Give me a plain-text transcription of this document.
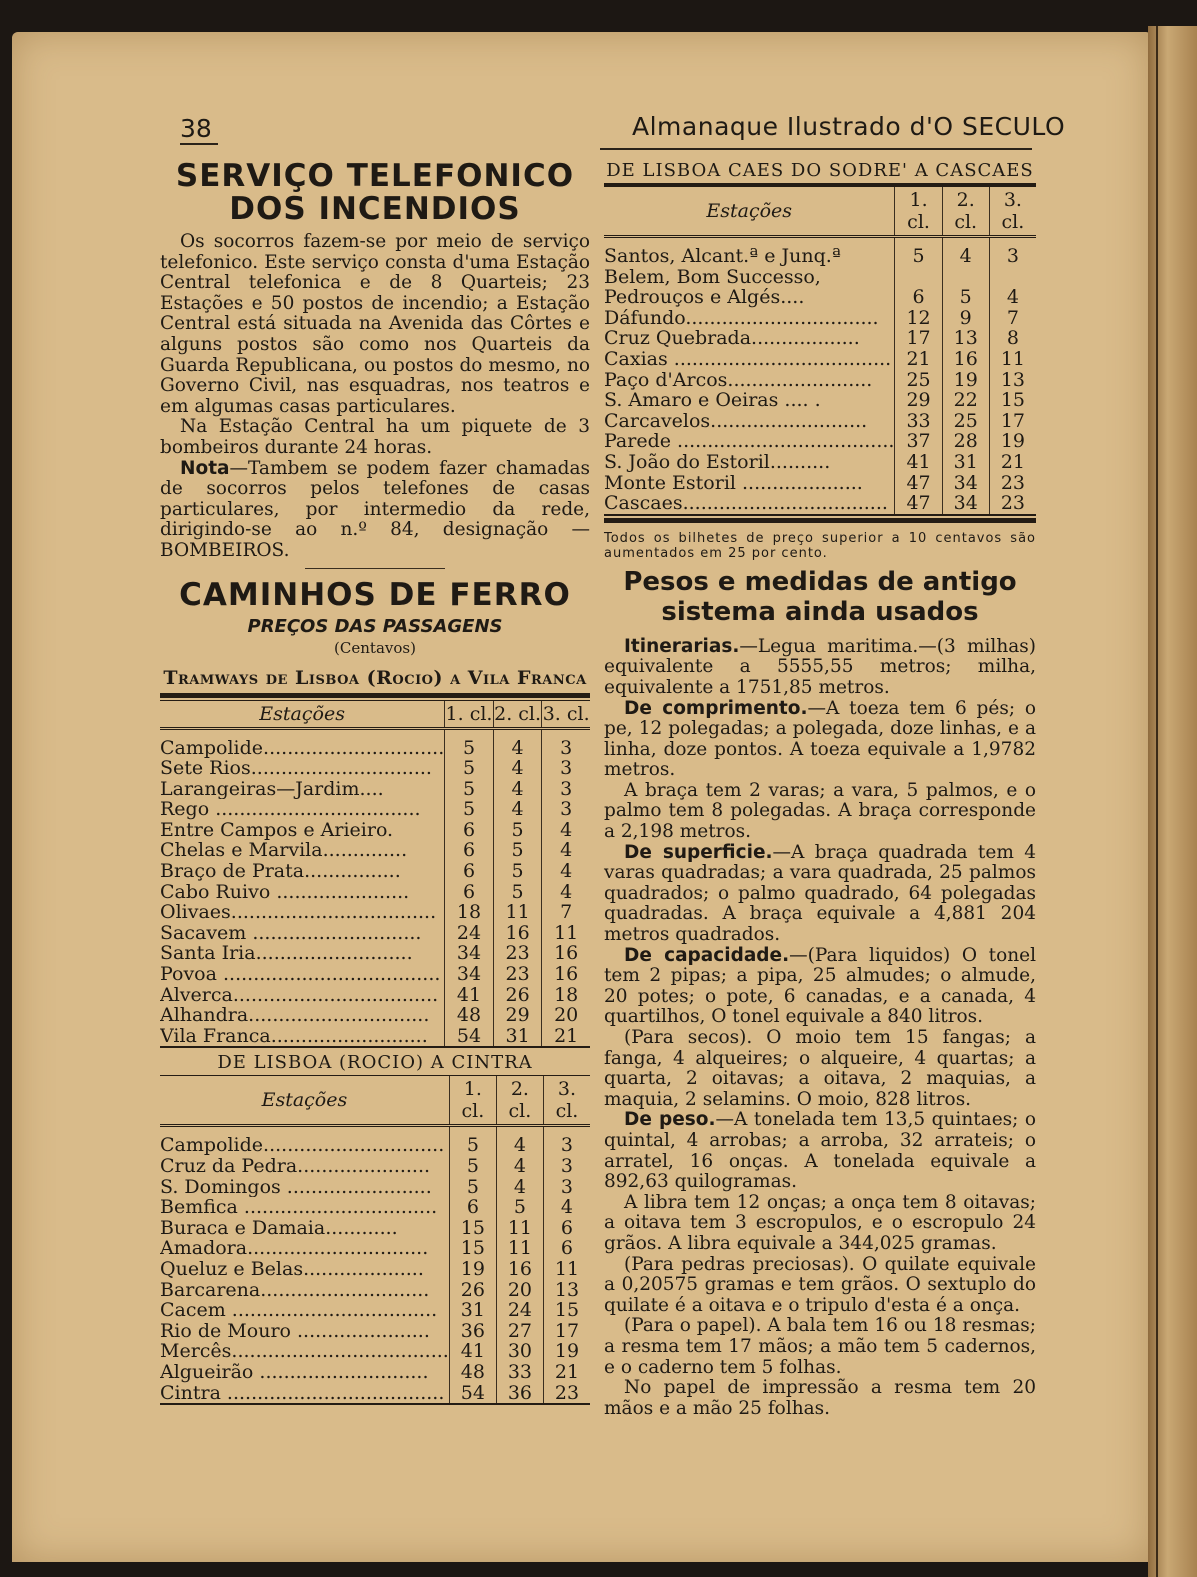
38	Almanaque Ilustrado d'O SECULO
SERVIÇO TELEFONICO
DOS INCENDIOS

Os socorros fazem-se por meio de serviço telefonico. Este serviço consta d'uma Estação Central telefonica e de 8 Quarteis; 23 Estações e 50 postos de incendio; a Estação Central está situada na Avenida das Côrtes e alguns postos são como nos Quarteis da Guarda Republicana, ou postos do mesmo, no Governo Civil, nas esquadras, nos teatros e em algumas casas particulares.

Na Estação Central ha um piquete de 3 bombeiros durante 24 horas.

Nota—Tambem se podem fazer chamadas de socorros pelos telefones de casas particulares, por intermedio da rede, dirigindo-se ao n.º 84, designação —BOMBEIROS.

CAMINHOS DE FERRO

PREÇOS DAS PASSAGENS

(Centavos)

Tramways de Lisboa (Rocio) a Vila Franca

Estações	1. cl.	2. cl.	3. cl.

Campolide..............................	5	4	3
Sete Rios..............................	5	4	3
Larangeiras—Jardim....	5	4	3
Rego ..................................	5	4	3
Entre Campos e Arieiro.	6	5	4
Chelas e Marvila..............	6	5	4
Braço de Prata................	6	5	4
Cabo Ruivo ......................	6	5	4
Olivaes..................................	18	11	7
Sacavem ............................	24	16	11
Santa Iria..........................	34	23	16
Povoa ....................................	34	23	16
Alverca..................................	41	26	18
Alhandra..............................	48	29	20
Vila Franca..........................	54	31	21

DE LISBOA (ROCIO) A CINTRA

Estações	1. cl.	2. cl.	3. cl.

Campolide..............................	5	4	3
Cruz da Pedra......................	5	4	3
S. Domingos ........................	5	4	3
Bemfica ................................	6	5	4
Buraca e Damaia............	15	11	6
Amadora..............................	15	11	6
Queluz e Belas....................	19	16	11
Barcarena............................	26	20	13
Cacem ..................................	31	24	15
Rio de Mouro ......................	36	27	17
Mercês....................................	41	30	19
Algueirão ............................	48	33	21
Cintra ....................................	54	36	23

DE LISBOA CAES DO SODRE' A CASCAES

Estações	1. cl.	2. cl.	3. cl.

Santos, Alcant.ª e Junq.ª	5	4	3
Belem, Bom Successo,			
Pedrouços e Algés....	6	5	4
Dáfundo................................	12	9	7
Cruz Quebrada..................	17	13	8
Caxias ....................................	21	16	11
Paço d'Arcos........................	25	19	13
S. Amaro e Oeiras .... .	29	22	15
Carcavelos..........................	33	25	17
Parede ....................................	37	28	19
S. João do Estoril..........	41	31	21
Monte Estoril ....................	47	34	23
Cascaes..................................	47	34	23

Todos os bilhetes de preço superior a 10 centavos são aumentados em 25 por cento.

Pesos e medidas de antigo
sistema ainda usados

Itinerarias.—Legua maritima.—(3 milhas) equivalente a 5555,55 metros; milha, equivalente a 1751,85 metros.

De comprimento.—A toeza tem 6 pés; o pe, 12 polegadas; a polegada, doze linhas, e a linha, doze pontos. A toeza equivale a 1,9782 metros.

A braça tem 2 varas; a vara, 5 palmos, e o palmo tem 8 polegadas. A braça corresponde a 2,198 metros.

De superficie.—A braça quadrada tem 4 varas quadradas; a vara quadrada, 25 palmos quadrados; o palmo quadrado, 64 polegadas quadradas. A braça equivale a 4,881 204 metros quadrados.

De capacidade.—(Para liquidos) O tonel tem 2 pipas; a pipa, 25 almudes; o almude, 20 potes; o pote, 6 canadas, e a canada, 4 quartilhos, O tonel equivale a 840 litros.

(Para secos). O moio tem 15 fangas; a fanga, 4 alqueires; o alqueire, 4 quartas; a quarta, 2 oitavas; a oitava, 2 maquias, a maquia, 2 selamins. O moio, 828 litros.

De peso.—A tonelada tem 13,5 quintaes; o quintal, 4 arrobas; a arroba, 32 arrateis; o arratel, 16 onças. A tonelada equivale a 892,63 quilogramas.

A libra tem 12 onças; a onça tem 8 oitavas; a oitava tem 3 escropulos, e o escropulo 24 grãos. A libra equivale a 344,025 gramas.

(Para pedras preciosas). O quilate equivale a 0,20575 gramas e tem grãos. O sextuplo do quilate é a oitava e o tripulo d'esta é a onça.

(Para o papel). A bala tem 16 ou 18 resmas; a resma tem 17 mãos; a mão tem 5 cadernos, e o caderno tem 5 folhas.

No papel de impressão a resma tem 20 mãos e a mão 25 folhas.
